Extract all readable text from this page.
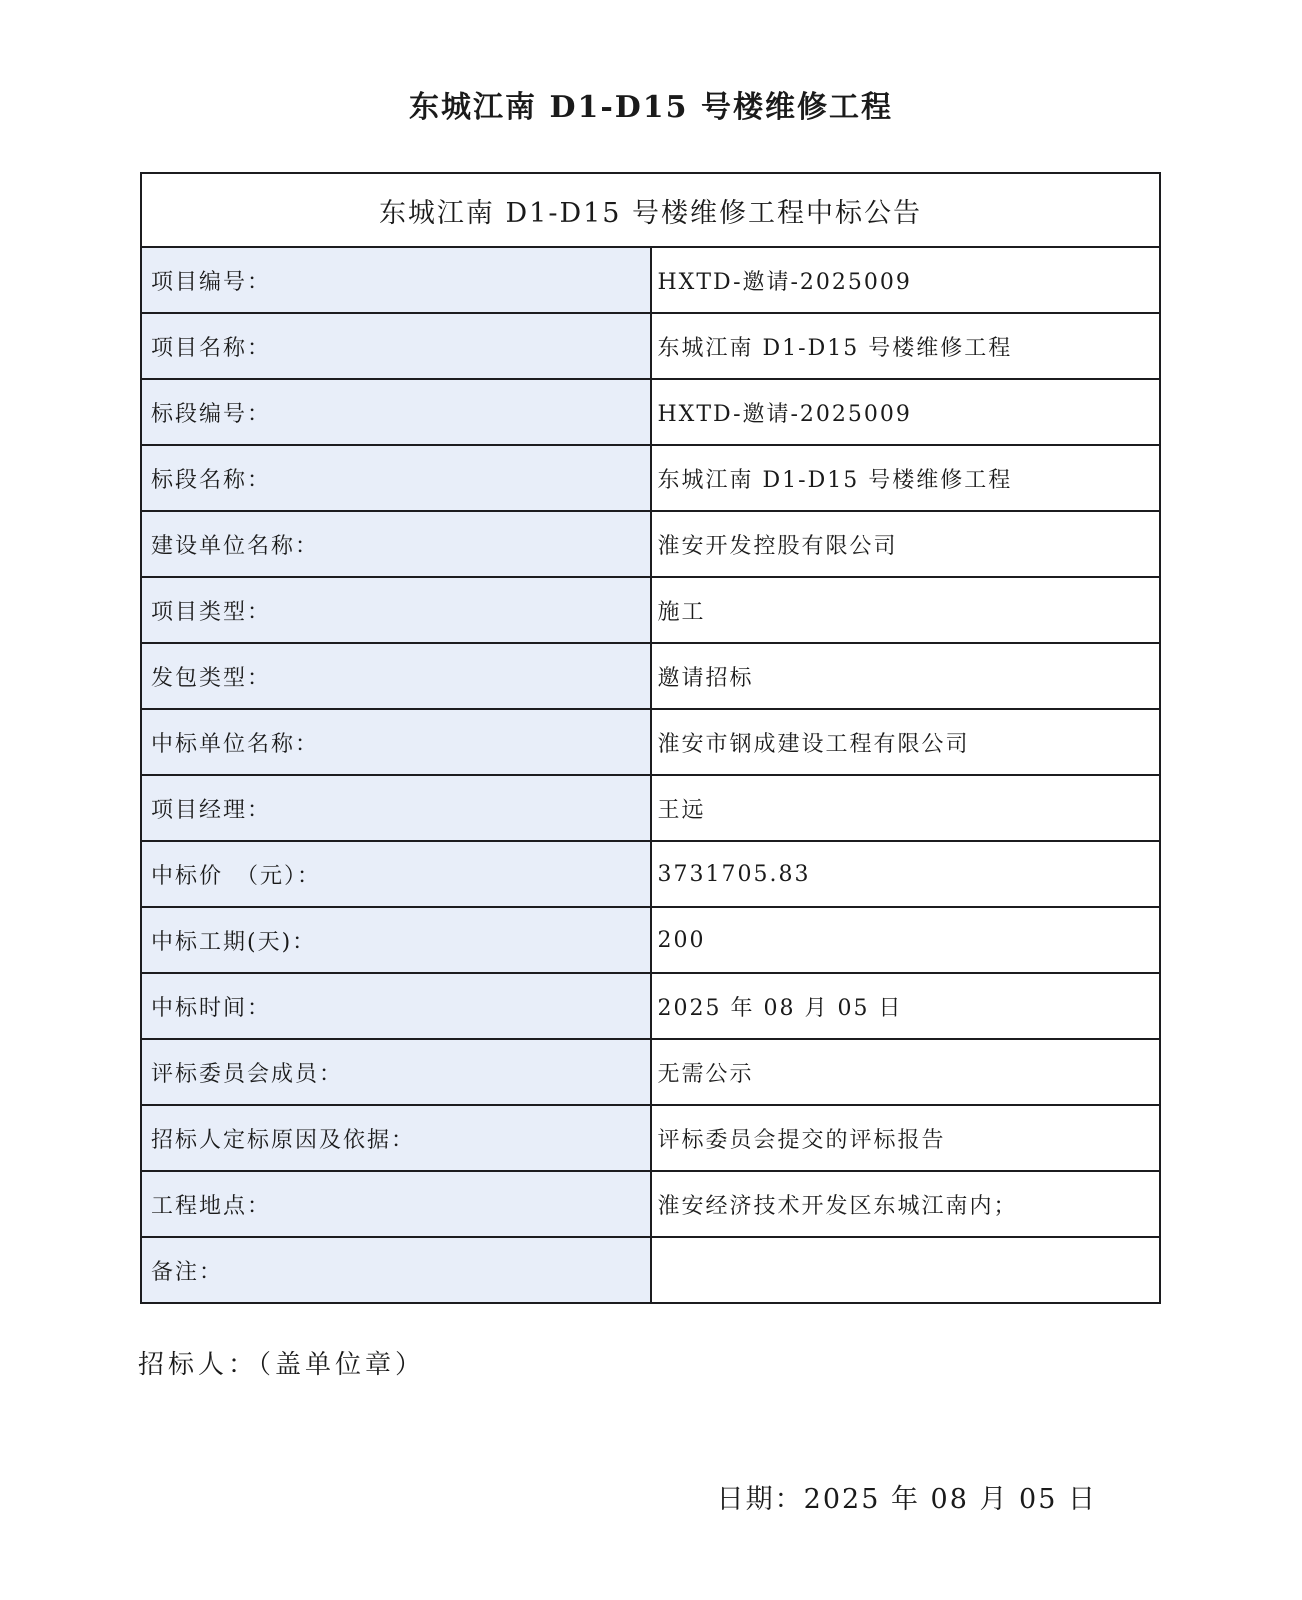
东城江南 D1-D15 号楼维修工程
东城江南 D1-D15 号楼维修工程中标公告	
项目编号：	HXTD-邀请-2025009
项目名称：	东城江南 D1-D15 号楼维修工程
标段编号：	HXTD-邀请-2025009
标段名称：	东城江南 D1-D15 号楼维修工程
建设单位名称：	淮安开发控股有限公司
项目类型：	施工
发包类型：	邀请招标
中标单位名称：	淮安市钢成建设工程有限公司
项目经理：	王远
中标价　（元）：	3731705.83
中标工期(天)：	200
中标时间：	2025 年 08 月 05 日
评标委员会成员：	无需公示
招标人定标原因及依据：	评标委员会提交的评标报告
工程地点：	淮安经济技术开发区东城江南内；
备注：	
招标人：（盖单位章）
日期：2025 年 08 月 05 日
